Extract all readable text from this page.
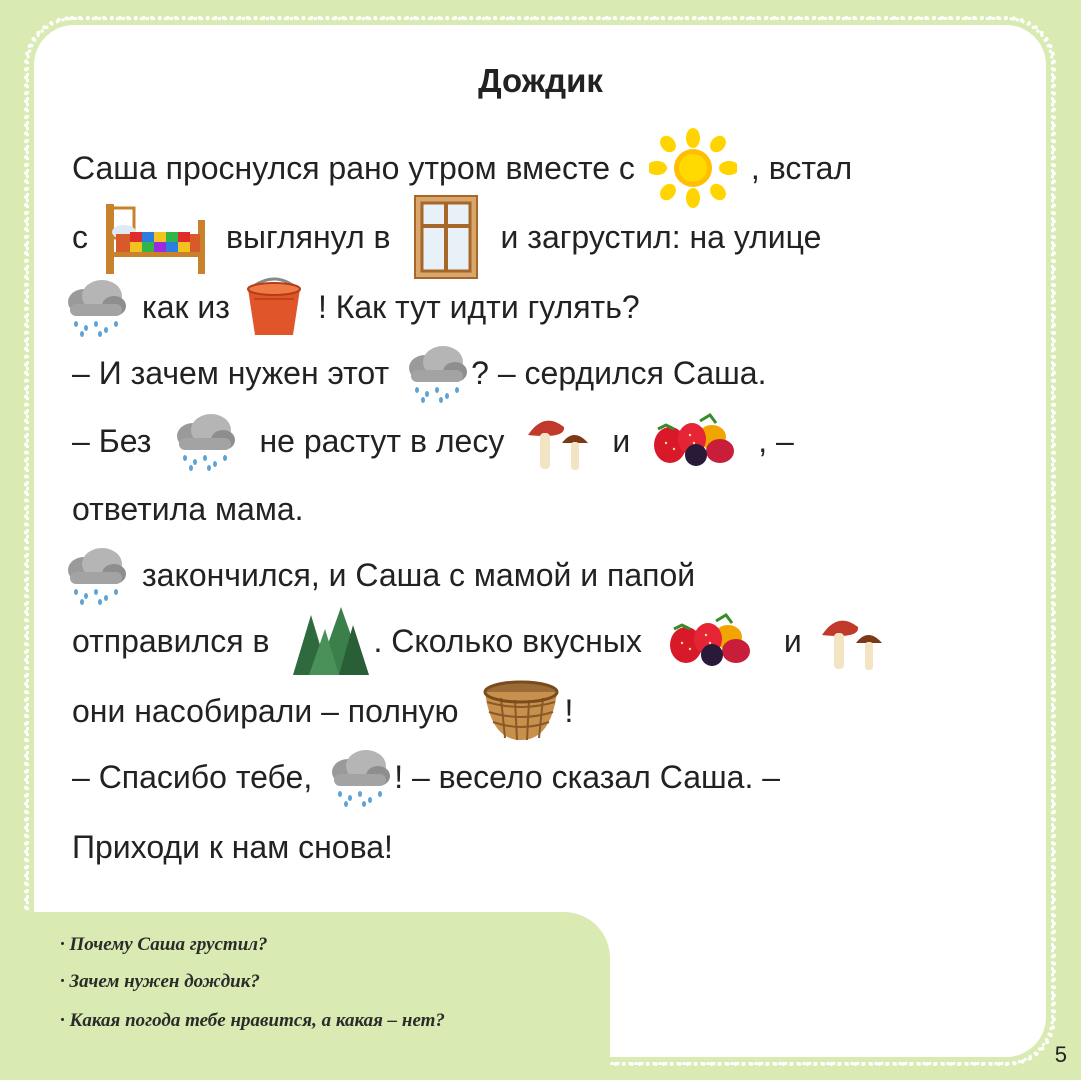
Дождик
Саша проснулся рано утром вместе с	, встал
с	выглянул в	и загрустил: на улице
как из	! Как тут идти гулять?
– И зачем нужен этот	? – сердился Саша.
– Без	не растут в лесу	и	, –
ответила мама.
закончился, и Саша с мамой и папой
отправился в	. Сколько вкусных	и
они насобирали – полную	!
– Спасибо тебе,	! – весело сказал Саша. –
Приходи к нам снова!
· Почему Саша грустил?
· Зачем нужен дождик?
· Какая погода тебе нравится, а какая – нет?
5
